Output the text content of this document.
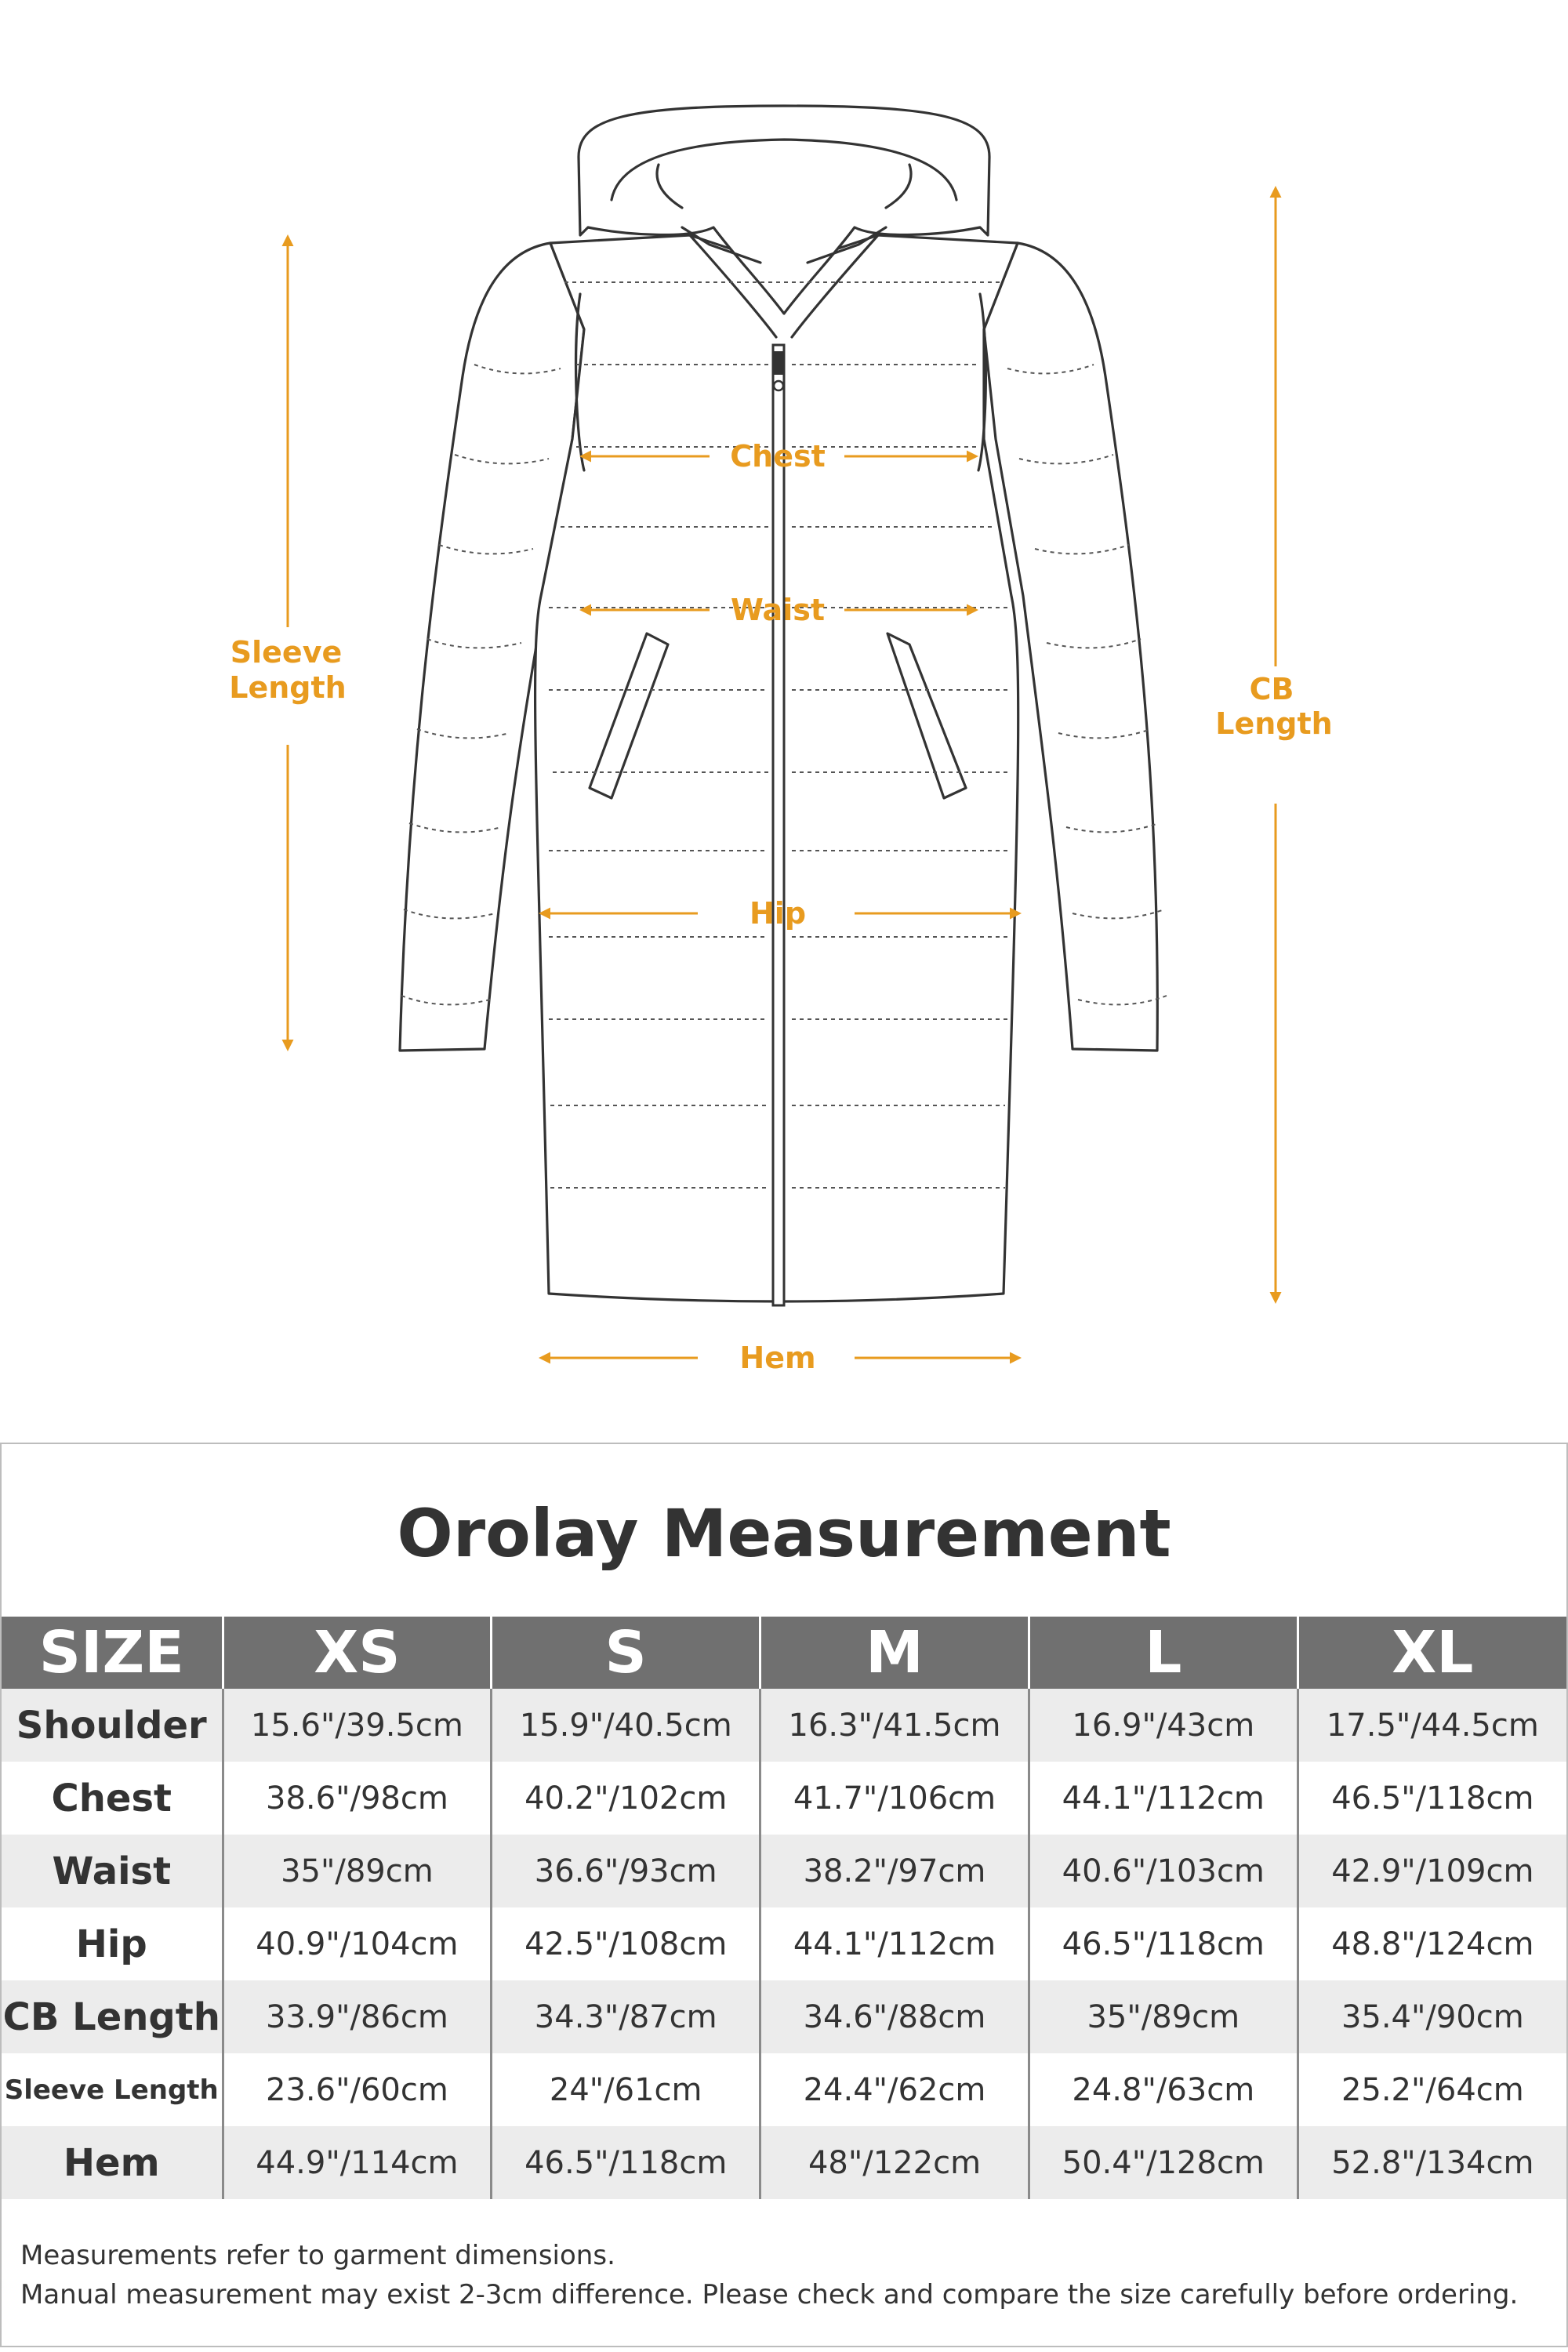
Chest
Waist
Hip
Hem
Sleeve
Length	CB
Length
Orolay Measurement
SIZE	XS	S	M	L	XL
Shoulder	15.6"/39.5cm	15.9"/40.5cm	16.3"/41.5cm	16.9"/43cm	17.5"/44.5cm
Chest	38.6"/98cm	40.2"/102cm	41.7"/106cm	44.1"/112cm	46.5"/118cm
Waist	35"/89cm	36.6"/93cm	38.2"/97cm	40.6"/103cm	42.9"/109cm
Hip	40.9"/104cm	42.5"/108cm	44.1"/112cm	46.5"/118cm	48.8"/124cm
CB Length	33.9"/86cm	34.3"/87cm	34.6"/88cm	35"/89cm	35.4"/90cm
Sleeve Length	23.6"/60cm	24"/61cm	24.4"/62cm	24.8"/63cm	25.2"/64cm
Hem	44.9"/114cm	46.5"/118cm	48"/122cm	50.4"/128cm	52.8"/134cm
Measurements refer to garment dimensions.
Manual measurement may exist 2-3cm difference. Please check and compare the size carefully before ordering.
